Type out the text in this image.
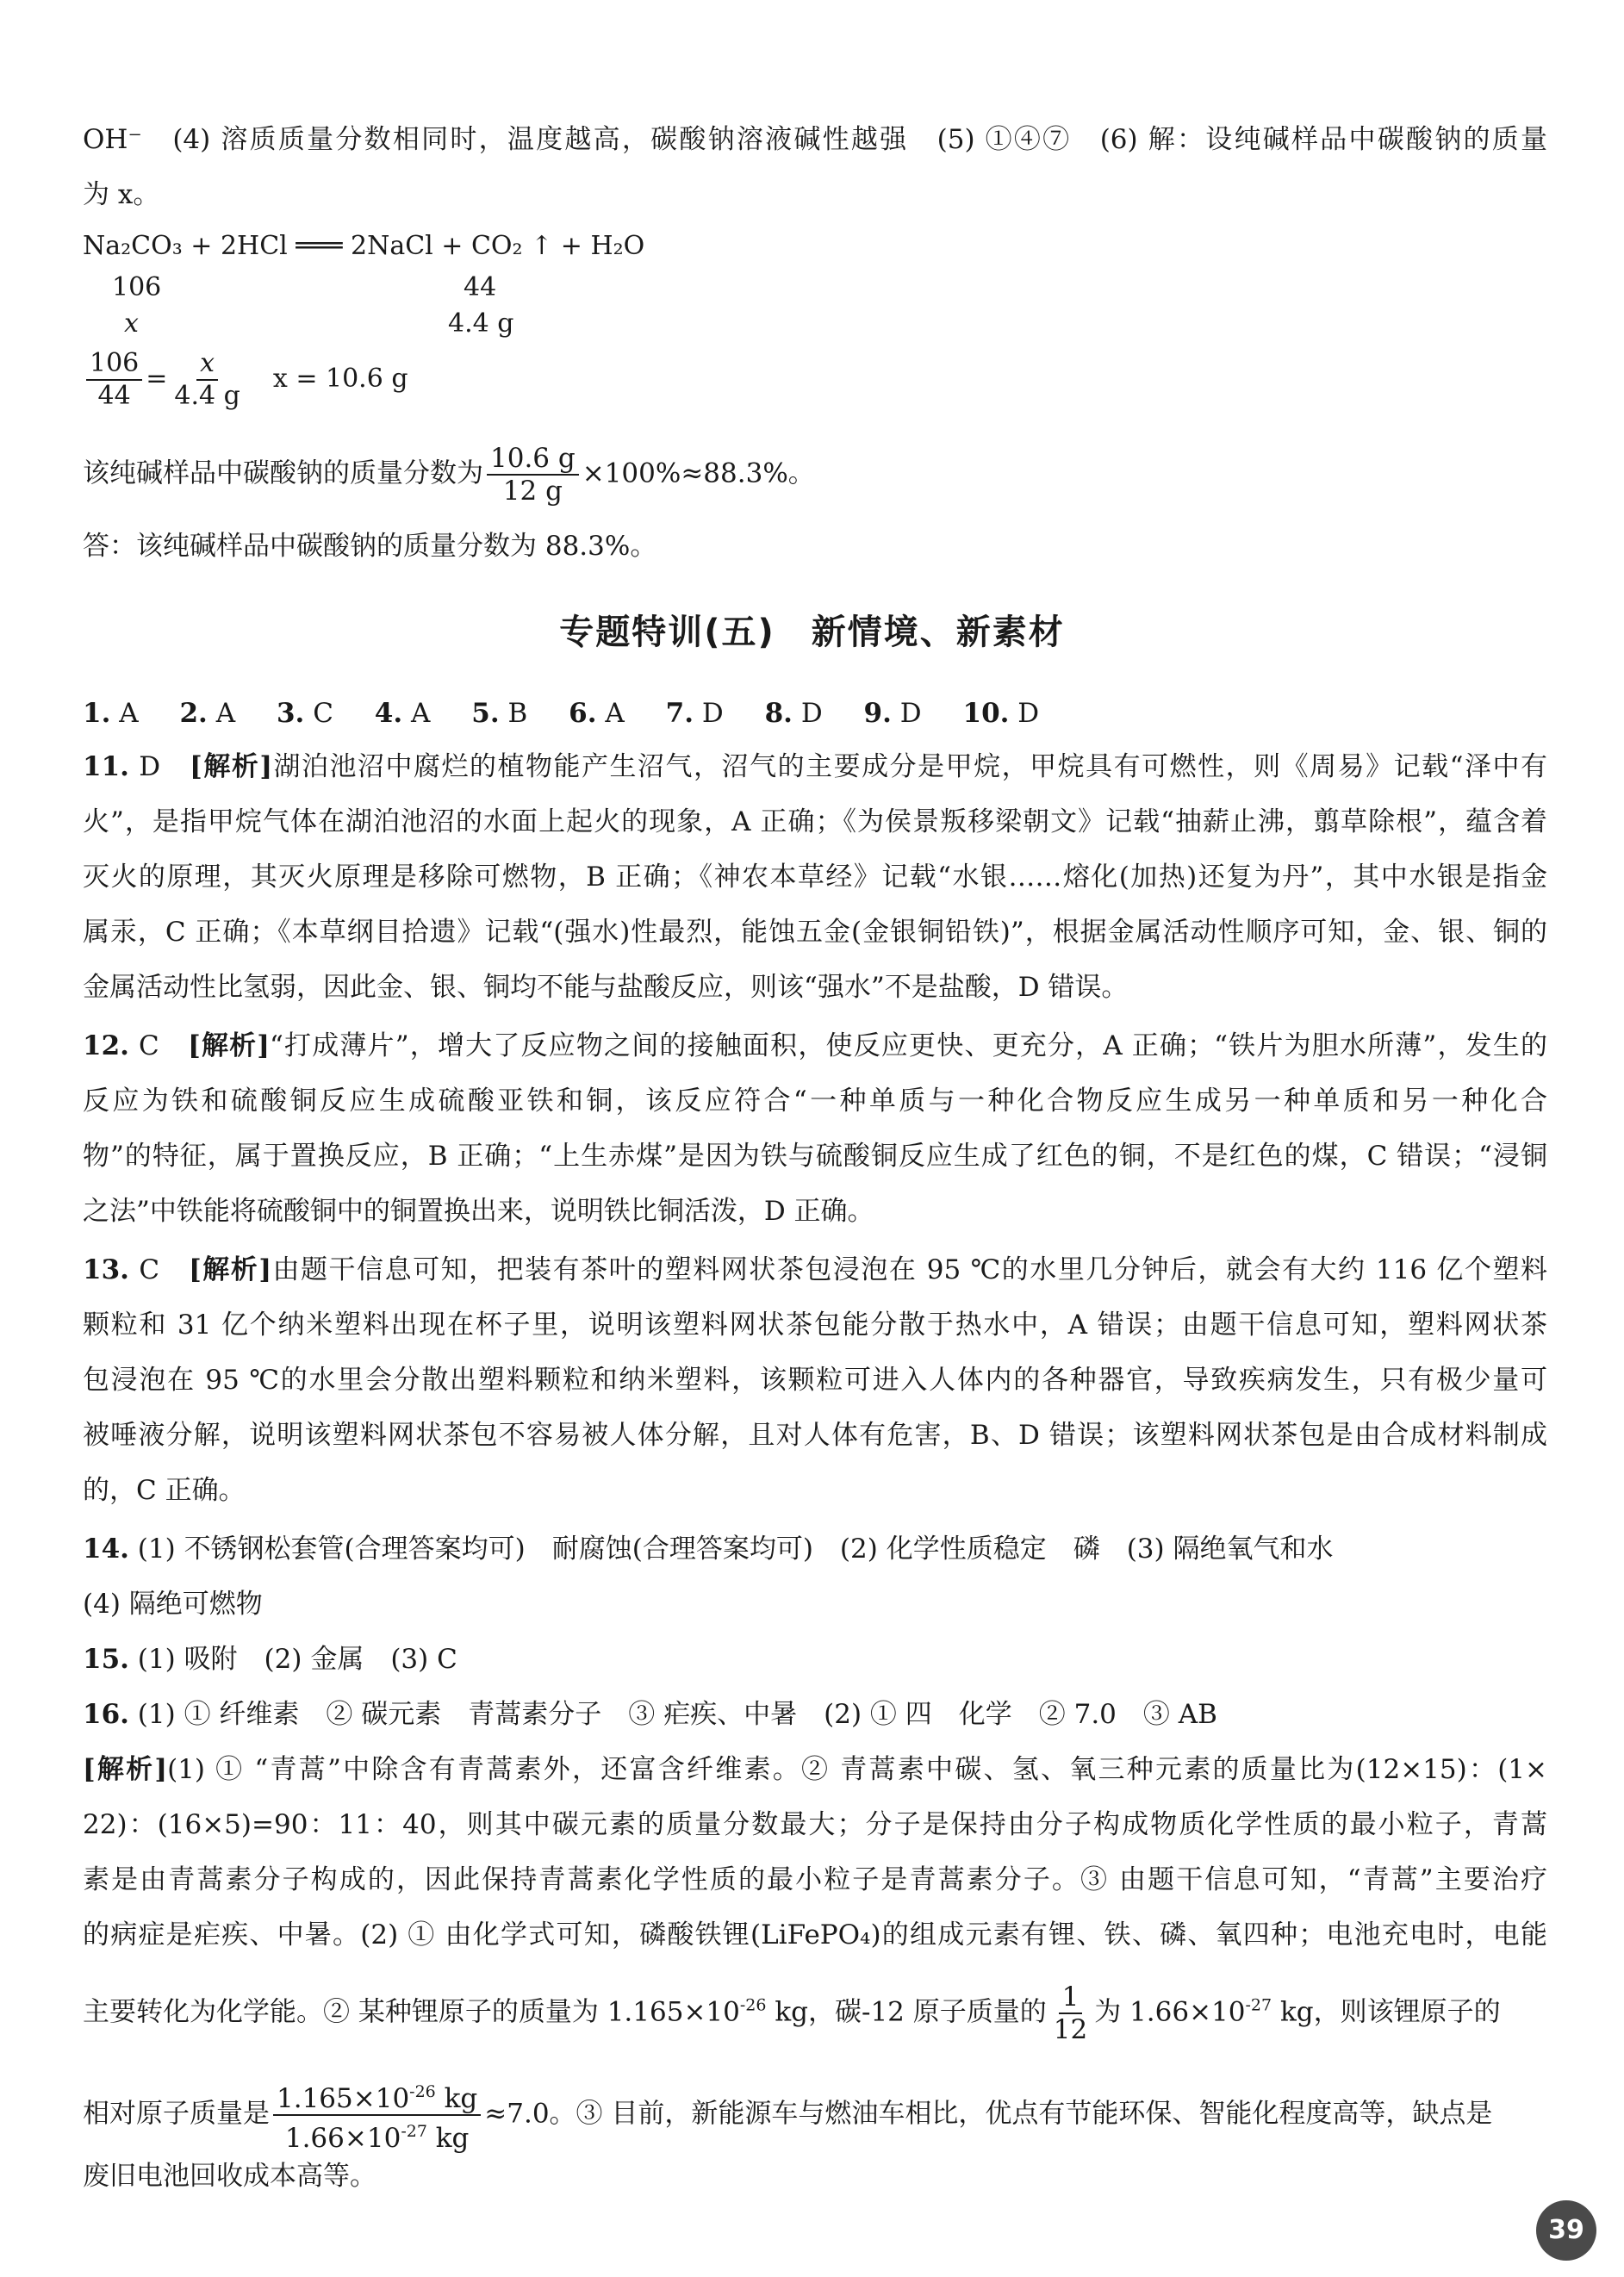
OH⁻　(4) 溶质质量分数相同时，温度越高，碳酸钠溶液碱性越强　(5) ①④⑦　(6) 解：设纯碱样品中碳酸钠的质量
为 x。
Na₂CO₃ + 2HCl ═══ 2NaCl + CO₂ ↑ + H₂O
106	44
x	4.4 g
$\frac{106}{44} = \frac{x}{4.4 g}$ x = 10.6 g
该纯碱样品中碳酸钠的质量分数为 $\frac{10.6 g}{12 g} \times 100\%\approx 88.3\%$。
答：该纯碱样品中碳酸钠的质量分数为 88.3%。
专题特训(五)　新情境、新素材
1. A 2. A 3. C 4. A 5. B 6. A 7. D 8. D 9. D 10. D
11. D　 [解析]湖泊池沼中腐烂的植物能产生沼气，沼气的主要成分是甲烷，甲烷具有可燃性，则《周易》记载“泽中有
火”，是指甲烷气体在湖泊池沼的水面上起火的现象，A 正确；《为侯景叛移梁朝文》记载“抽薪止沸，翦草除根”，蕴含着
灭火的原理，其灭火原理是移除可燃物，B 正确；《神农本草经》记载“水银……熔化(加热)还复为丹”，其中水银是指金
属汞，C 正确；《本草纲目拾遗》记载“(强水)性最烈，能蚀五金(金银铜铅铁)”，根据金属活动性顺序可知，金、银、铜的
金属活动性比氢弱，因此金、银、铜均不能与盐酸反应，则该“强水”不是盐酸，D 错误。
12. C　 [解析]“打成薄片”，增大了反应物之间的接触面积，使反应更快、更充分，A 正确；“铁片为胆水所薄”，发生的
反应为铁和硫酸铜反应生成硫酸亚铁和铜，该反应符合“一种单质与一种化合物反应生成另一种单质和另一种化合
物”的特征，属于置换反应，B 正确；“上生赤煤”是因为铁与硫酸铜反应生成了红色的铜，不是红色的煤，C 错误；“浸铜
之法”中铁能将硫酸铜中的铜置换出来，说明铁比铜活泼，D 正确。
13. C　 [解析]由题干信息可知，把装有茶叶的塑料网状茶包浸泡在 95 ℃的水里几分钟后，就会有大约 116 亿个塑料
颗粒和 31 亿个纳米塑料出现在杯子里，说明该塑料网状茶包能分散于热水中，A 错误；由题干信息可知，塑料网状茶
包浸泡在 95 ℃的水里会分散出塑料颗粒和纳米塑料，该颗粒可进入人体内的各种器官，导致疾病发生，只有极少量可
被唾液分解，说明该塑料网状茶包不容易被人体分解，且对人体有危害，B、D 错误；该塑料网状茶包是由合成材料制成
的，C 正确。
14. (1) 不锈钢松套管(合理答案均可)　耐腐蚀(合理答案均可)　(2) 化学性质稳定　磷　(3) 隔绝氧气和水
(4) 隔绝可燃物
15. (1) 吸附　(2) 金属　(3) C
16. (1) ① 纤维素　② 碳元素　青蒿素分子　③ 疟疾、中暑　(2) ① 四　化学　② 7.0　③ AB
[解析](1) ① “青蒿”中除含有青蒿素外，还富含纤维素。② 青蒿素中碳、氢、氧三种元素的质量比为(12×15)：(1×
22)：(16×5)=90：11：40，则其中碳元素的质量分数最大；分子是保持由分子构成物质化学性质的最小粒子，青蒿
素是由青蒿素分子构成的，因此保持青蒿素化学性质的最小粒子是青蒿素分子。③ 由题干信息可知，“青蒿”主要治疗
的病症是疟疾、中暑。(2) ① 由化学式可知，磷酸铁锂(LiFePO₄)的组成元素有锂、铁、磷、氧四种；电池充电时，电能
主要转化为化学能。② 某种锂原子的质量为 $1.165\times 10^{-26}$ kg，碳-12 原子质量的 $\frac{1}{12}$ 为 $1.66\times 10^{-27}$ kg，则该锂原子的
相对原子质量是 $\frac{1.165\times 10^{-26} kg}{1.66\times 10^{-27} kg} \approx 7.0$。③ 目前，新能源车与燃油车相比，优点有节能环保、智能化程度高等，缺点是
废旧电池回收成本高等。
39
